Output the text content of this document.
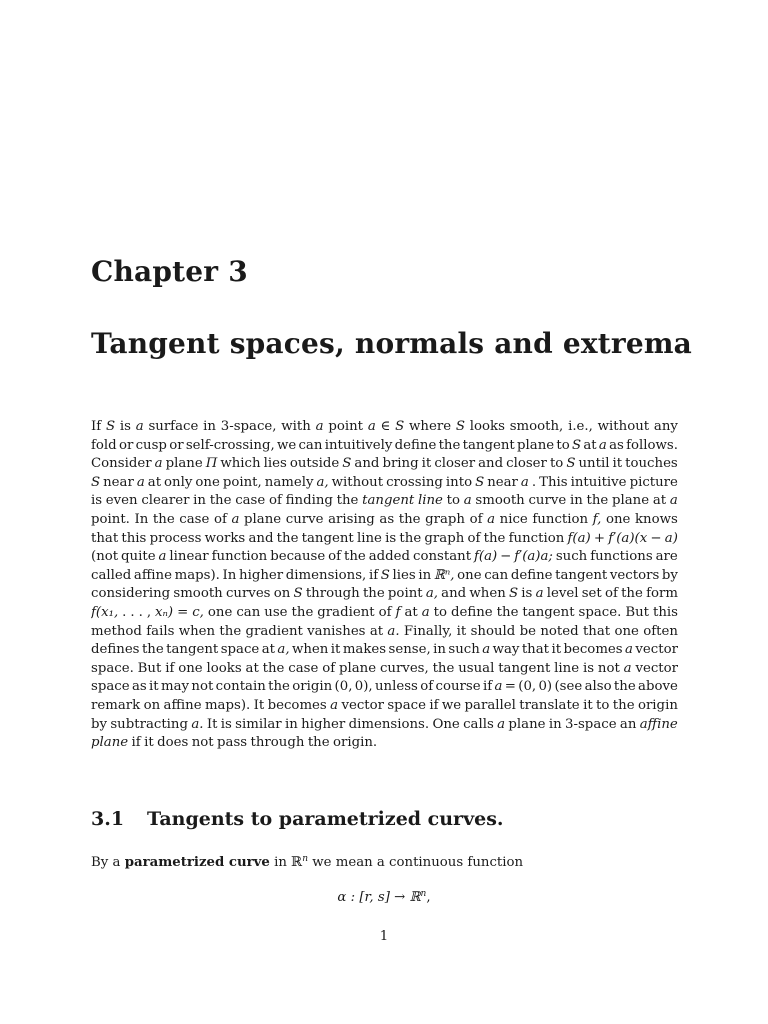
Chapter 3
Tangent spaces, normals and extrema
If S is a surface in 3-space, with a point a ∈ S where S looks smooth, i.e., without any
fold or cusp or self-crossing, we can intuitively define the tangent plane to S at a as follows.
Consider a plane Π which lies outside S and bring it closer and closer to S until it touches
S near a at only one point, namely a, without crossing into S near a . This intuitive picture
is even clearer in the case of finding the tangent line to a smooth curve in the plane at a
point. In the case of a plane curve arising as the graph of a nice function f, one knows
that this process works and the tangent line is the graph of the function f(a) + f′(a)(x − a)
(not quite a linear function because of the added constant f(a) − f′(a)a; such functions are
called affine maps). In higher dimensions, if S lies in ℝⁿ, one can define tangent vectors by
considering smooth curves on S through the point a, and when S is a level set of the form
f(x₁, . . . , xₙ) = c, one can use the gradient of f at a to define the tangent space. But this
method fails when the gradient vanishes at a. Finally, it should be noted that one often
defines the tangent space at a, when it makes sense, in such a way that it becomes a vector
space. But if one looks at the case of plane curves, the usual tangent line is not a vector
space as it may not contain the origin (0, 0), unless of course if a = (0, 0) (see also the above
remark on affine maps). It becomes a vector space if we parallel translate it to the origin
by subtracting a. It is similar in higher dimensions. One calls a plane in 3-space an affine
plane if it does not pass through the origin.
3.1 Tangents to parametrized curves.
By a parametrized curve in ℝ$^n$ we mean a continuous function
α : [r, s] → ℝ$^n$,
1
